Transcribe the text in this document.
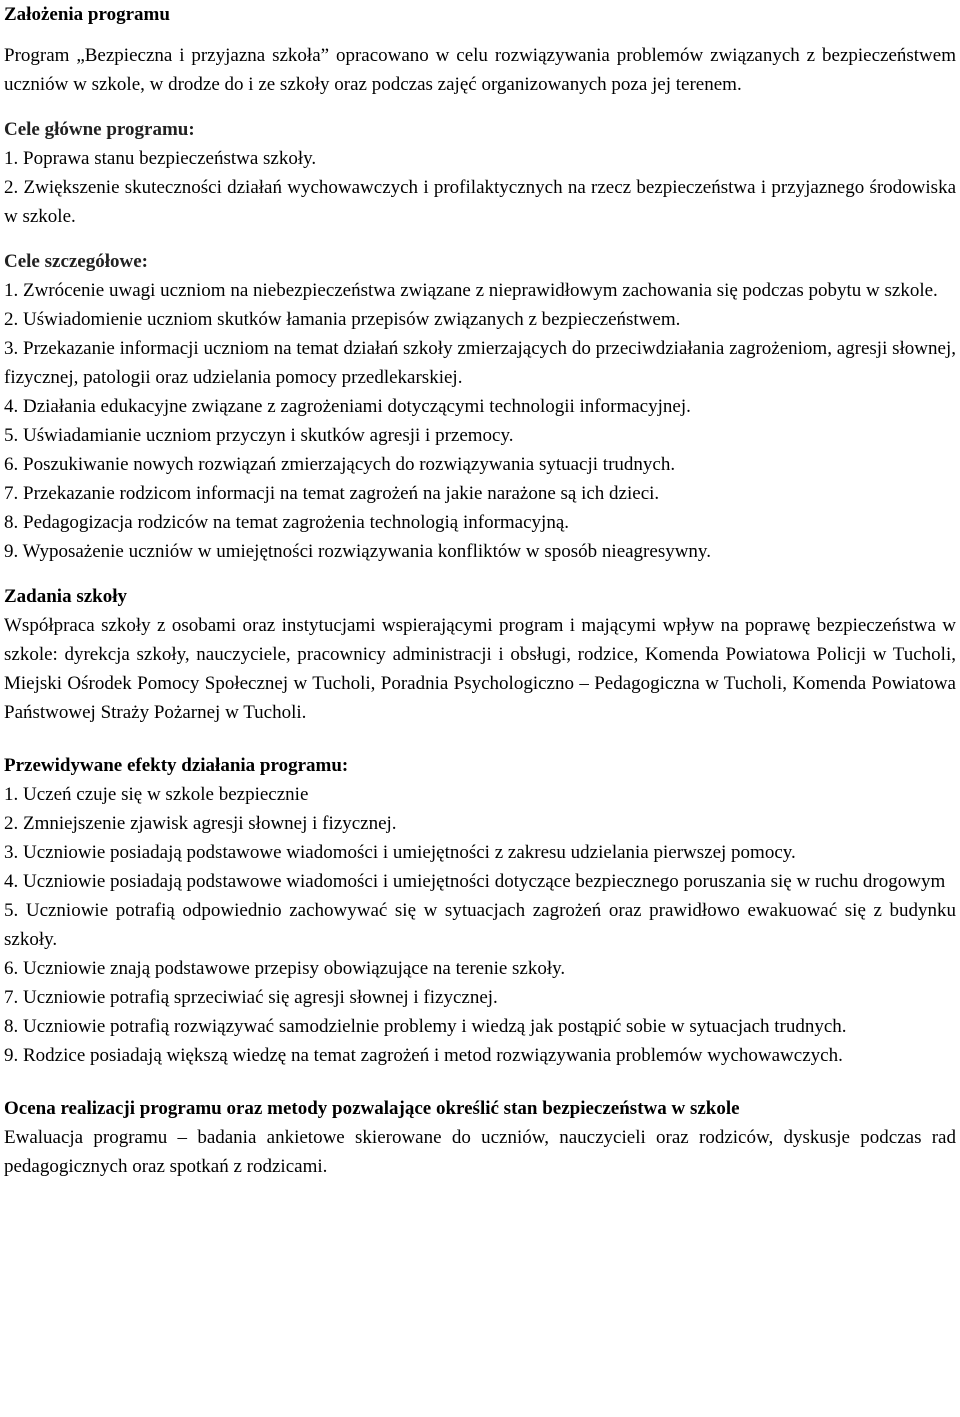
Założenia programu

Program „Bezpieczna i przyjazna szkoła” opracowano w celu rozwiązywania problemów związanych z bezpieczeństwem uczniów w szkole, w drodze do i ze szkoły oraz podczas zajęć organizowanych poza jej terenem.

Cele główne programu:

1. Poprawa stanu bezpieczeństwa szkoły.

2. Zwiększenie skuteczności działań wychowawczych i profilaktycznych na rzecz bezpieczeństwa i przyjaznego środowiska w szkole.

Cele szczegółowe:

1. Zwrócenie uwagi uczniom na niebezpieczeństwa związane z nieprawidłowym zachowania się podczas pobytu w szkole.

2. Uświadomienie uczniom skutków łamania przepisów związanych z bezpieczeństwem.

3. Przekazanie informacji uczniom na temat działań szkoły zmierzających do przeciwdziałania zagrożeniom, agresji słownej, fizycznej, patologii oraz udzielania pomocy przedlekarskiej.

4. Działania edukacyjne związane z zagrożeniami dotyczącymi technologii informacyjnej.

5. Uświadamianie uczniom przyczyn i skutków agresji i przemocy.

6. Poszukiwanie nowych rozwiązań zmierzających do rozwiązywania sytuacji trudnych.

7. Przekazanie rodzicom informacji na temat zagrożeń na jakie narażone są ich dzieci.

8. Pedagogizacja rodziców na temat zagrożenia technologią informacyjną.

9. Wyposażenie uczniów w umiejętności rozwiązywania konfliktów w sposób nieagresywny.

Zadania szkoły

Współpraca szkoły z osobami oraz instytucjami wspierającymi program i mającymi wpływ na poprawę bezpieczeństwa w szkole: dyrekcja szkoły, nauczyciele, pracownicy administracji i obsługi, rodzice, Komenda Powiatowa Policji w Tucholi, Miejski Ośrodek Pomocy Społecznej w Tucholi, Poradnia Psychologiczno – Pedagogiczna w Tucholi, Komenda Powiatowa Państwowej Straży Pożarnej w Tucholi.

Przewidywane efekty działania programu:

1. Uczeń czuje się w szkole bezpiecznie

2. Zmniejszenie zjawisk agresji słownej i fizycznej.

3. Uczniowie posiadają podstawowe wiadomości i umiejętności z zakresu udzielania pierwszej pomocy.

4. Uczniowie posiadają podstawowe wiadomości i umiejętności dotyczące bezpiecznego poruszania się w ruchu drogowym

5. Uczniowie potrafią odpowiednio zachowywać się w sytuacjach zagrożeń oraz prawidłowo ewakuować się z budynku szkoły.

6. Uczniowie znają podstawowe przepisy obowiązujące na terenie szkoły.

7. Uczniowie potrafią sprzeciwiać się agresji słownej i fizycznej.

8. Uczniowie potrafią rozwiązywać samodzielnie problemy i wiedzą jak postąpić sobie w sytuacjach trudnych.

9. Rodzice posiadają większą wiedzę na temat zagrożeń i metod rozwiązywania problemów wychowawczych.

Ocena realizacji programu oraz metody pozwalające określić stan bezpieczeństwa w szkole

Ewaluacja programu – badania ankietowe skierowane do uczniów, nauczycieli oraz rodziców, dyskusje podczas rad pedagogicznych oraz spotkań z rodzicami.
